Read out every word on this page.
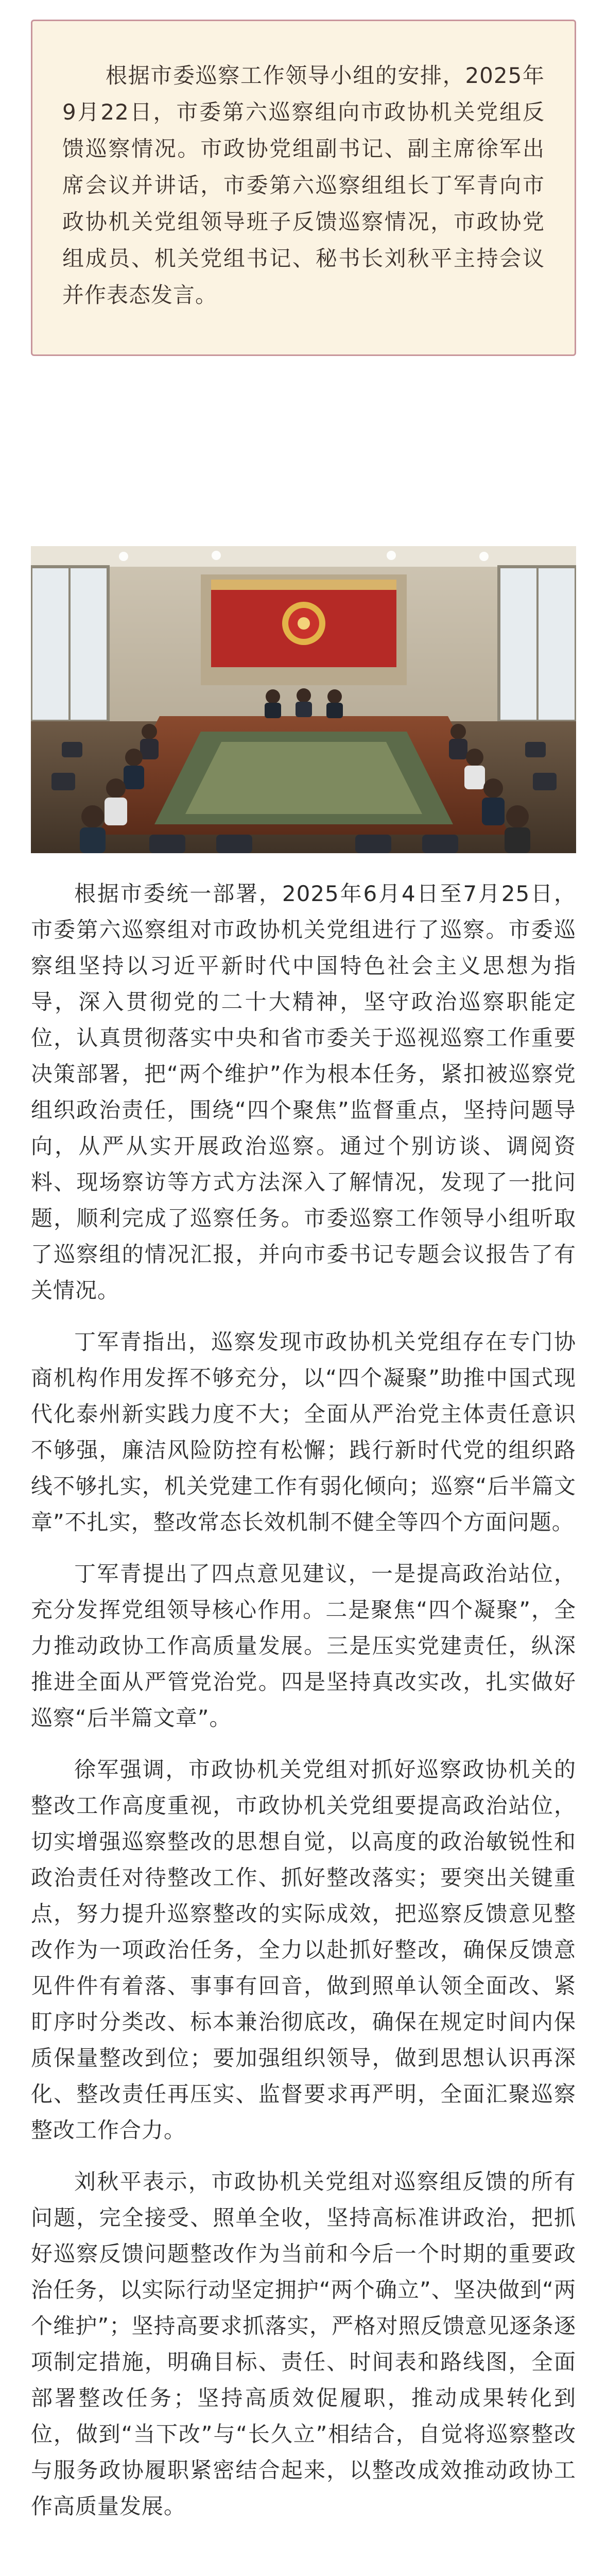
根据市委巡察工作领导小组的安排，2025年9月22日，市委第六巡察组向市政协机关党组反馈巡察情况。市政协党组副书记、副主席徐军出席会议并讲话，市委第六巡察组组长丁军青向市政协机关党组领导班子反馈巡察情况，市政协党组成员、机关党组书记、秘书长刘秋平主持会议并作表态发言。

根据市委统一部署，2025年6月4日至7月25日，市委第六巡察组对市政协机关党组进行了巡察。市委巡察组坚持以习近平新时代中国特色社会主义思想为指导，深入贯彻党的二十大精神，坚守政治巡察职能定位，认真贯彻落实中央和省市委关于巡视巡察工作重要决策部署，把“两个维护”作为根本任务，紧扣被巡察党组织政治责任，围绕“四个聚焦”监督重点，坚持问题导向，从严从实开展政治巡察。通过个别访谈、调阅资料、现场察访等方式方法深入了解情况，发现了一批问题，顺利完成了巡察任务。市委巡察工作领导小组听取了巡察组的情况汇报，并向市委书记专题会议报告了有关情况。

丁军青指出，巡察发现市政协机关党组存在专门协商机构作用发挥不够充分，以“四个凝聚”助推中国式现代化泰州新实践力度不大；全面从严治党主体责任意识不够强，廉洁风险防控有松懈；践行新时代党的组织路线不够扎实，机关党建工作有弱化倾向；巡察“后半篇文章”不扎实，整改常态长效机制不健全等四个方面问题。

丁军青提出了四点意见建议，一是提高政治站位，充分发挥党组领导核心作用。二是聚焦“四个凝聚”，全力推动政协工作高质量发展。三是压实党建责任，纵深推进全面从严管党治党。四是坚持真改实改，扎实做好巡察“后半篇文章”。

徐军强调，市政协机关党组对抓好巡察政协机关的整改工作高度重视，市政协机关党组要提高政治站位，切实增强巡察整改的思想自觉，以高度的政治敏锐性和政治责任对待整改工作、抓好整改落实；要突出关键重点，努力提升巡察整改的实际成效，把巡察反馈意见整改作为一项政治任务，全力以赴抓好整改，确保反馈意见件件有着落、事事有回音，做到照单认领全面改、紧盯序时分类改、标本兼治彻底改，确保在规定时间内保质保量整改到位；要加强组织领导，做到思想认识再深化、整改责任再压实、监督要求再严明，全面汇聚巡察整改工作合力。

刘秋平表示，市政协机关党组对巡察组反馈的所有问题，完全接受、照单全收，坚持高标准讲政治，把抓好巡察反馈问题整改作为当前和今后一个时期的重要政治任务，以实际行动坚定拥护“两个确立”、坚决做到“两个维护”；坚持高要求抓落实，严格对照反馈意见逐条逐项制定措施，明确目标、责任、时间表和路线图，全面部署整改任务；坚持高质效促履职，推动成果转化到位，做到“当下改”与“长久立”相结合，自觉将巡察整改与服务政协履职紧密结合起来，以整改成效推动政协工作高质量发展。
